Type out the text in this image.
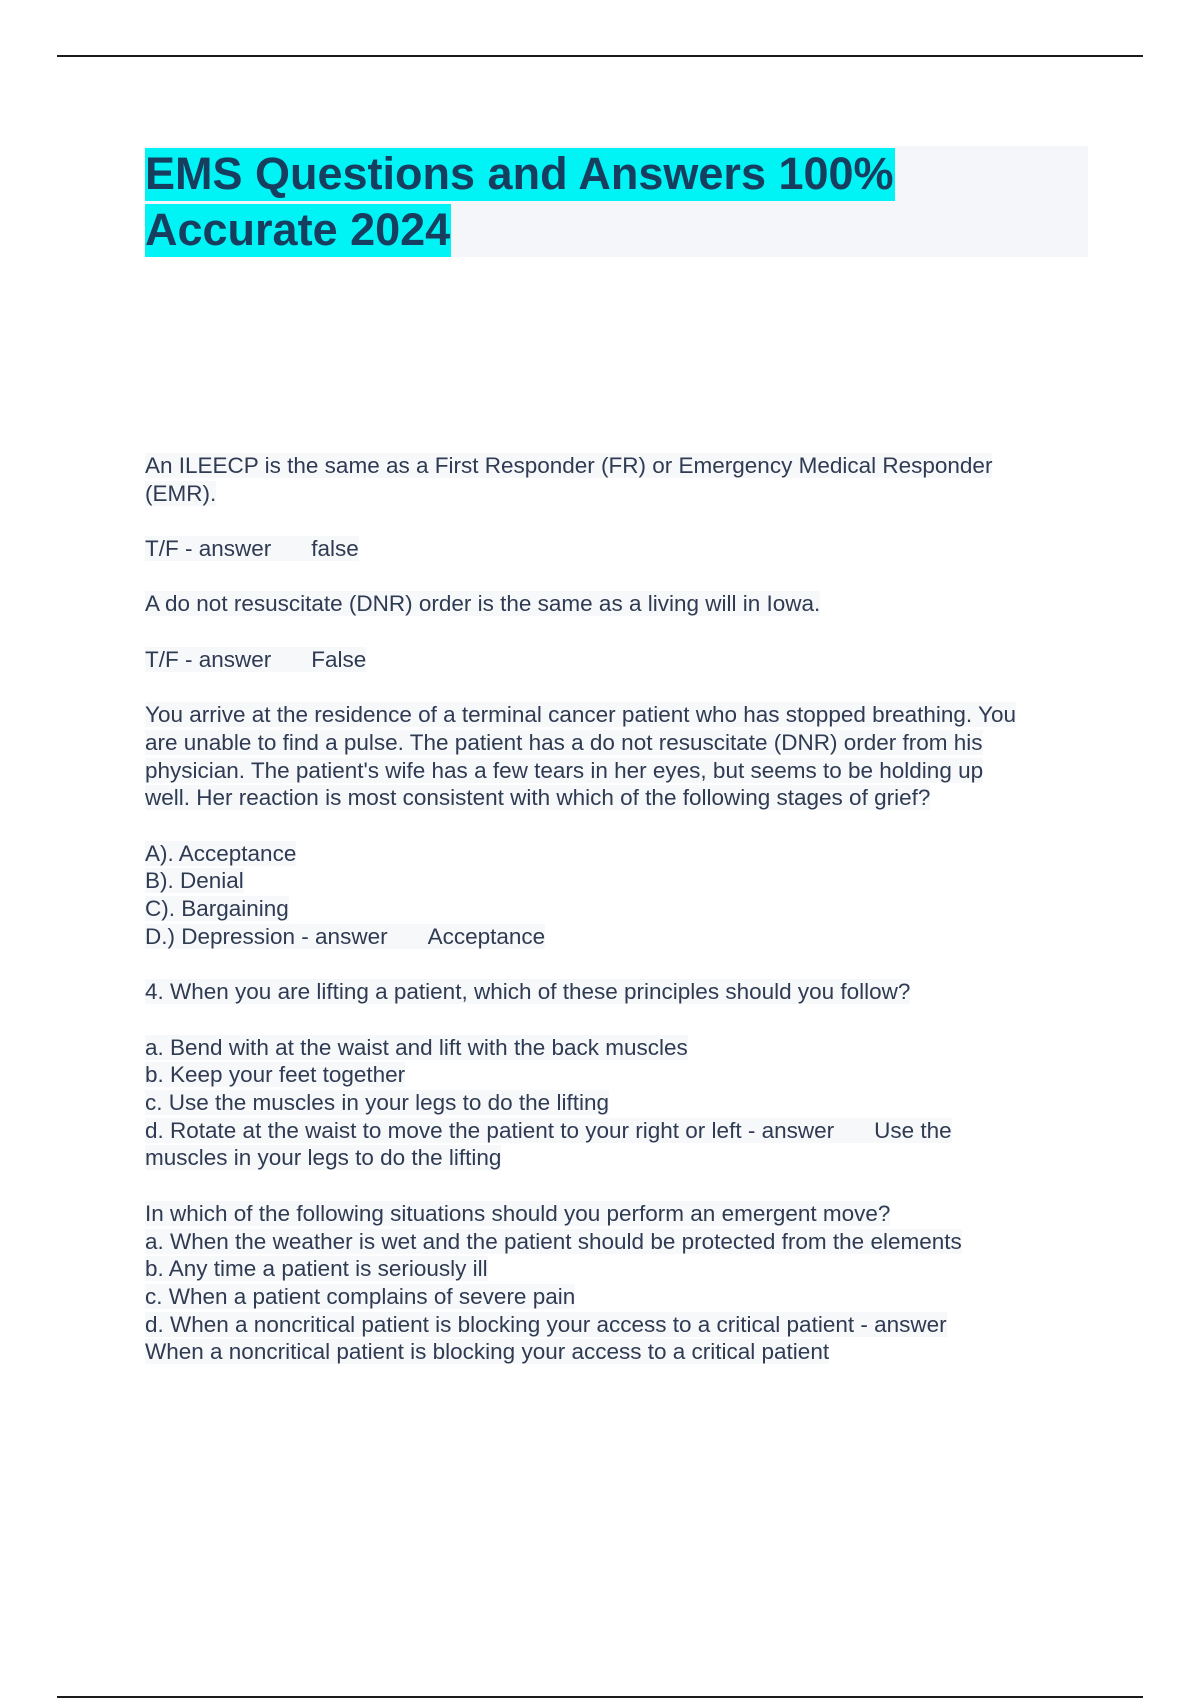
EMS Questions and Answers 100%
Accurate 2024
An ILEECP is the same as a First Responder (FR) or Emergency Medical Responder
(EMR).
T/F - answer false
A do not resuscitate (DNR) order is the same as a living will in Iowa.
T/F - answer False
You arrive at the residence of a terminal cancer patient who has stopped breathing. You
are unable to find a pulse. The patient has a do not resuscitate (DNR) order from his
physician. The patient's wife has a few tears in her eyes, but seems to be holding up
well. Her reaction is most consistent with which of the following stages of grief?
A). Acceptance
B). Denial
C). Bargaining
D.) Depression - answer Acceptance
4. When you are lifting a patient, which of these principles should you follow?
a. Bend with at the waist and lift with the back muscles
b. Keep your feet together
c. Use the muscles in your legs to do the lifting
d. Rotate at the waist to move the patient to your right or left - answer Use the
muscles in your legs to do the lifting
In which of the following situations should you perform an emergent move?
a. When the weather is wet and the patient should be protected from the elements
b. Any time a patient is seriously ill
c. When a patient complains of severe pain
d. When a noncritical patient is blocking your access to a critical patient - answer
When a noncritical patient is blocking your access to a critical patient
